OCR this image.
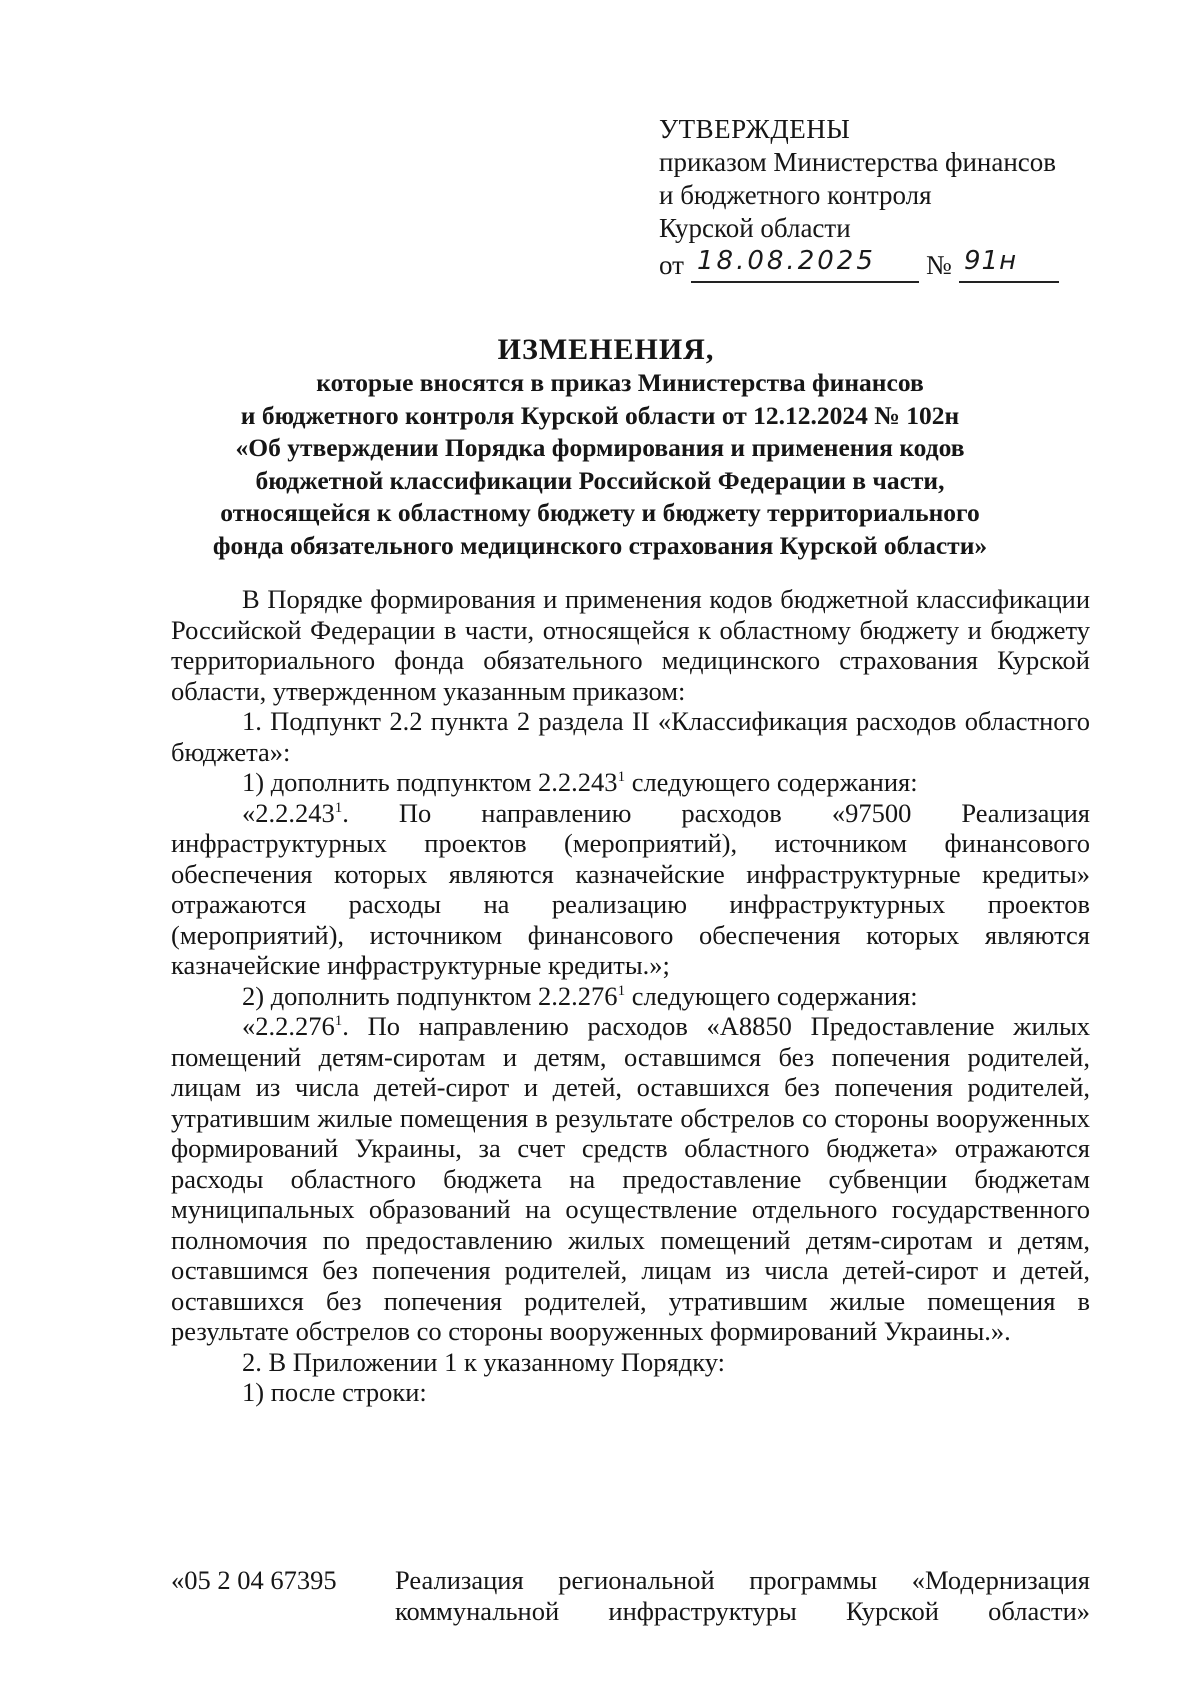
УТВЕРЖДЕНЫ
приказом Министерства финансов
и бюджетного контроля
Курской области
от 18.08.2025 № 91н
ИЗМЕНЕНИЯ,
которые вносятся в приказ Министерства финансов
и бюджетного контроля Курской области от 12.12.2024 № 102н
«Об утверждении Порядка формирования и применения кодов
бюджетной классификации Российской Федерации в части,
относящейся к областному бюджету и бюджету территориального
фонда обязательного медицинского страхования Курской области»

В Порядке формирования и применения кодов бюджетной классификации Российской Федерации в части, относящейся к областному бюджету и бюджету территориального фонда обязательного медицинского страхования Курской области, утвержденном указанным приказом:

1. Подпункт 2.2 пункта 2 раздела II «Классификация расходов областного бюджета»:

1) дополнить подпунктом 2.2.243$^1$ следующего содержания:

«2.2.243$^1$. По направлению расходов «97500 Реализация инфраструктурных проектов (мероприятий), источником финансового обеспечения которых являются казначейские инфраструктурные кредиты» отражаются расходы на реализацию инфраструктурных проектов (мероприятий), источником финансового обеспечения которых являются казначейские инфраструктурные кредиты.»;

2) дополнить подпунктом 2.2.276$^1$ следующего содержания:

«2.2.276$^1$. По направлению расходов «А8850 Предоставление жилых помещений детям-сиротам и детям, оставшимся без попечения родителей, лицам из числа детей-сирот и детей, оставшихся без попечения родителей, утратившим жилые помещения в результате обстрелов со стороны вооруженных формирований Украины, за счет средств областного бюджета» отражаются расходы областного бюджета на предоставление субвенции бюджетам муниципальных образований на осуществление отдельного государственного полномочия по предоставлению жилых помещений детям-сиротам и детям, оставшимся без попечения родителей, лицам из числа детей-сирот и детей, оставшихся без попечения родителей, утратившим жилые помещения в результате обстрелов со стороны вооруженных формирований Украины.».

2. В Приложении 1 к указанному Порядку:

1) после строки:

«05 2 04 67395 Реализация региональной программы «Модернизация коммунальной инфраструктуры Курской области»
